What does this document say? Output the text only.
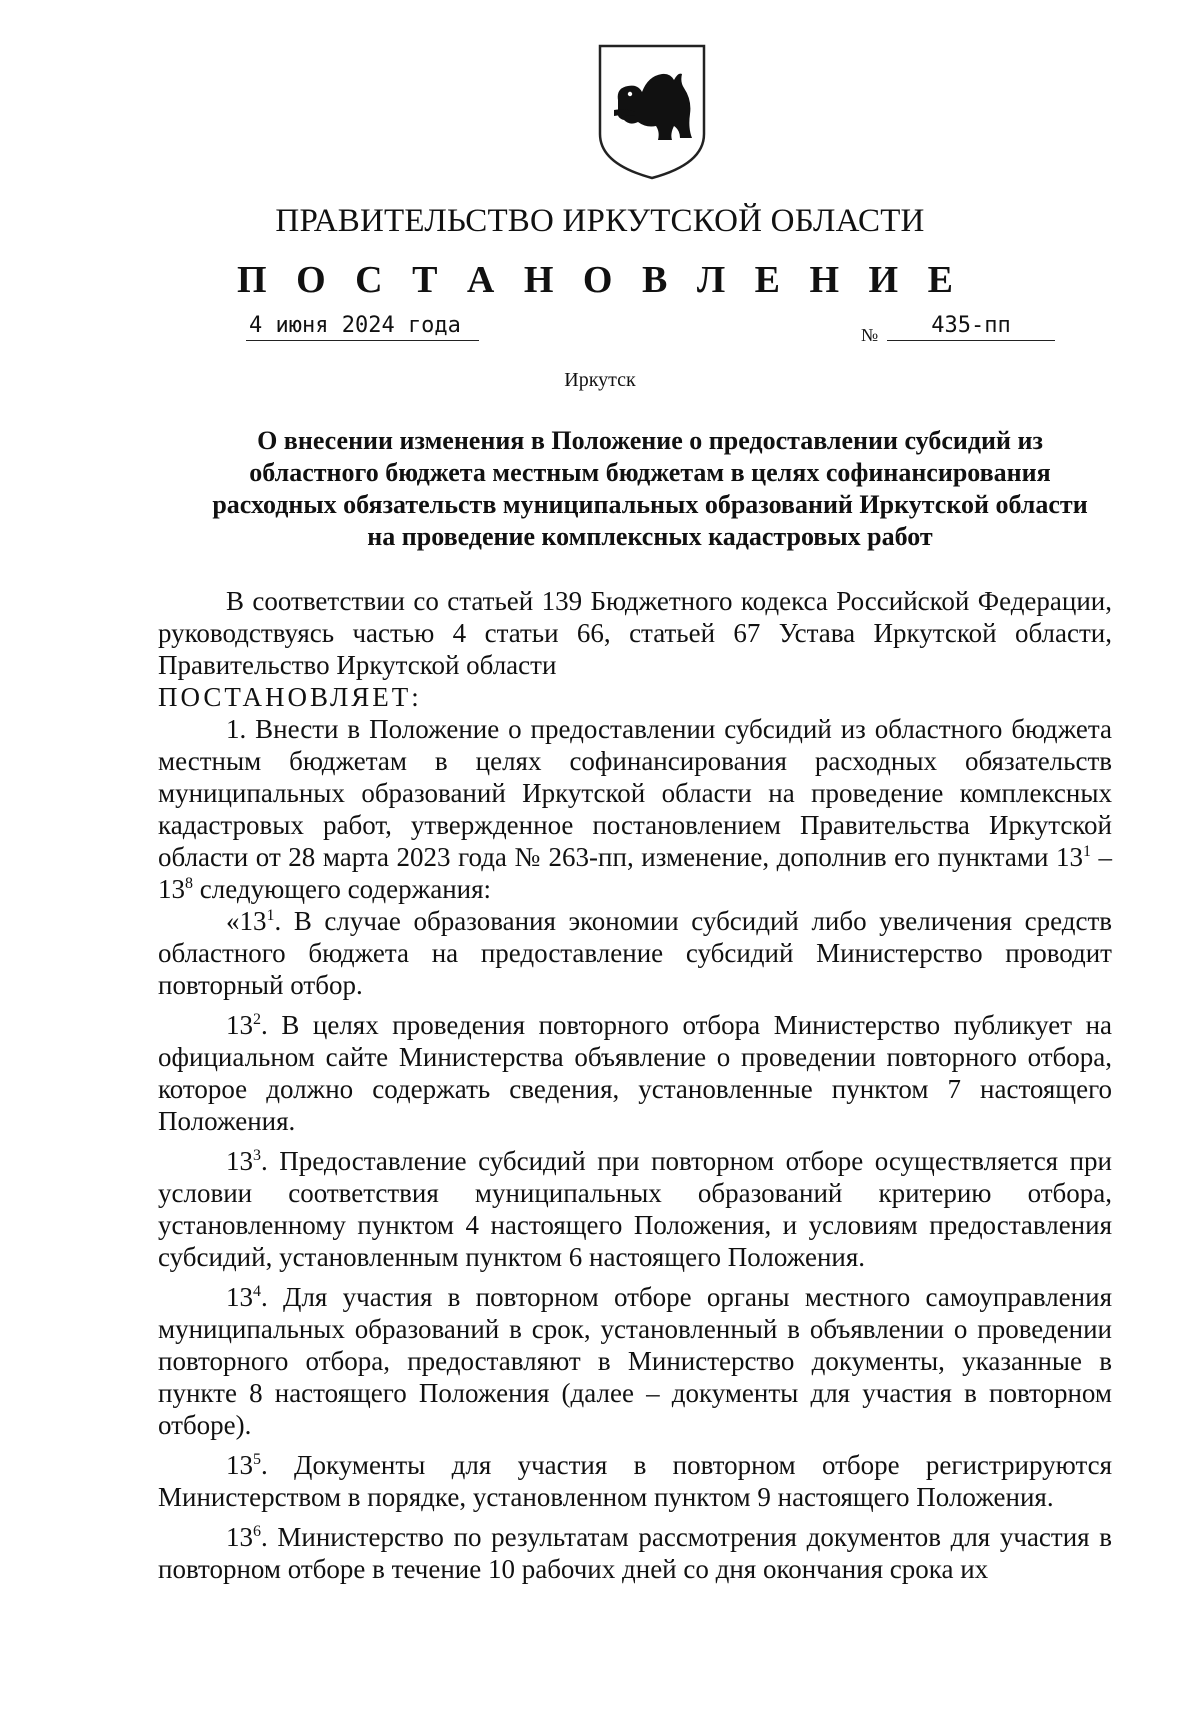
ПРАВИТЕЛЬСТВО ИРКУТСКОЙ ОБЛАСТИ
П О С Т А Н О В Л Е Н И Е
4 июня 2024 года	№	435-пп
Иркутск
О внесении изменения в Положение о предоставлении субсидий из областного бюджета местным бюджетам в целях софинансирования расходных обязательств муниципальных образований Иркутской области на проведение комплексных кадастровых работ

В соответствии со статьей 139 Бюджетного кодекса Российской Федерации, руководствуясь частью 4 статьи 66, статьей 67 Устава Иркутской области, Правительство Иркутской области

ПОСТАНОВЛЯЕТ:

1. Внести в Положение о предоставлении субсидий из областного бюджета местным бюджетам в целях софинансирования расходных обязательств муниципальных образований Иркутской области на проведение комплексных кадастровых работ, утвержденное постановлением Правительства Иркутской области от 28 марта 2023 года № 263-пп, изменение, дополнив его пунктами $13^1 - 13^8$ следующего содержания:

«$13^1$. В случае образования экономии субсидий либо увеличения средств областного бюджета на предоставление субсидий Министерство проводит повторный отбор.

$13^2$. В целях проведения повторного отбора Министерство публикует на официальном сайте Министерства объявление о проведении повторного отбора, которое должно содержать сведения, установленные пунктом 7 настоящего Положения.

$13^3$. Предоставление субсидий при повторном отборе осуществляется при условии соответствия муниципальных образований критерию отбора, установленному пунктом 4 настоящего Положения, и условиям предоставления субсидий, установленным пунктом 6 настоящего Положения.

$13^4$. Для участия в повторном отборе органы местного самоуправления муниципальных образований в срок, установленный в объявлении о проведении повторного отбора, предоставляют в Министерство документы, указанные в пункте 8 настоящего Положения (далее – документы для участия в повторном отборе).

$13^5$. Документы для участия в повторном отборе регистрируются Министерством в порядке, установленном пунктом 9 настоящего Положения.

$13^6$. Министерство по результатам рассмотрения документов для участия в повторном отборе в течение 10 рабочих дней со дня окончания срока их
